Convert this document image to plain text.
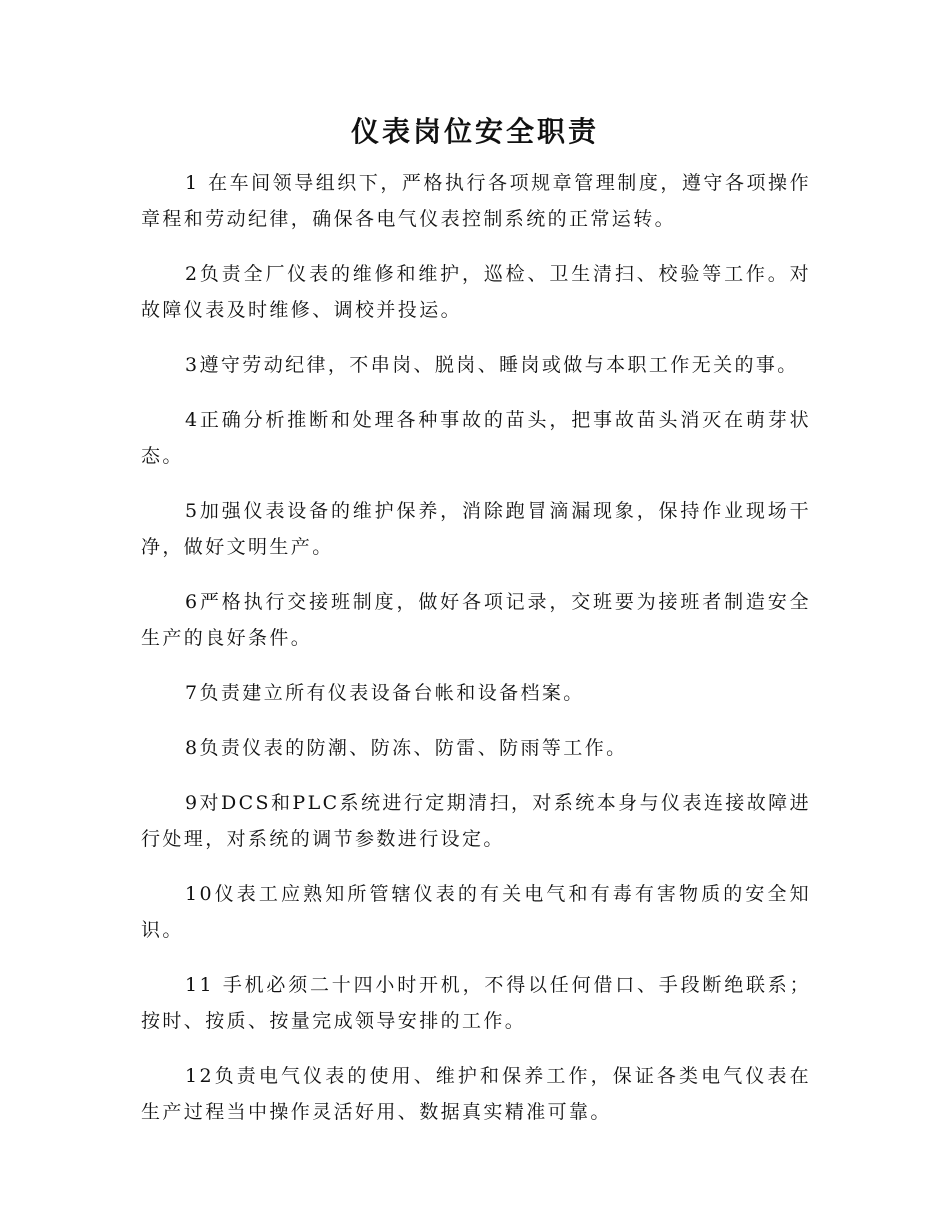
仪表岗位安全职责

1 在车间领导组织下，严格执行各项规章管理制度，遵守各项操作章程和劳动纪律，确保各电气仪表控制系统的正常运转。

2负责全厂仪表的维修和维护，巡检、卫生清扫、校验等工作。对故障仪表及时维修、调校并投运。

3遵守劳动纪律，不串岗、脱岗、睡岗或做与本职工作无关的事。

4正确分析推断和处理各种事故的苗头，把事故苗头消灭在萌芽状态。

5加强仪表设备的维护保养，消除跑冒滴漏现象，保持作业现场干净，做好文明生产。

6严格执行交接班制度，做好各项记录，交班要为接班者制造安全生产的良好条件。

7负责建立所有仪表设备台帐和设备档案。

8负责仪表的防潮、防冻、防雷、防雨等工作。

9对DCS和PLC系统进行定期清扫，对系统本身与仪表连接故障进行处理，对系统的调节参数进行设定。

10仪表工应熟知所管辖仪表的有关电气和有毒有害物质的安全知识。

11 手机必须二十四小时开机，不得以任何借口、手段断绝联系；按时、按质、按量完成领导安排的工作。

12负责电气仪表的使用、维护和保养工作，保证各类电气仪表在生产过程当中操作灵活好用、数据真实精准可靠。
